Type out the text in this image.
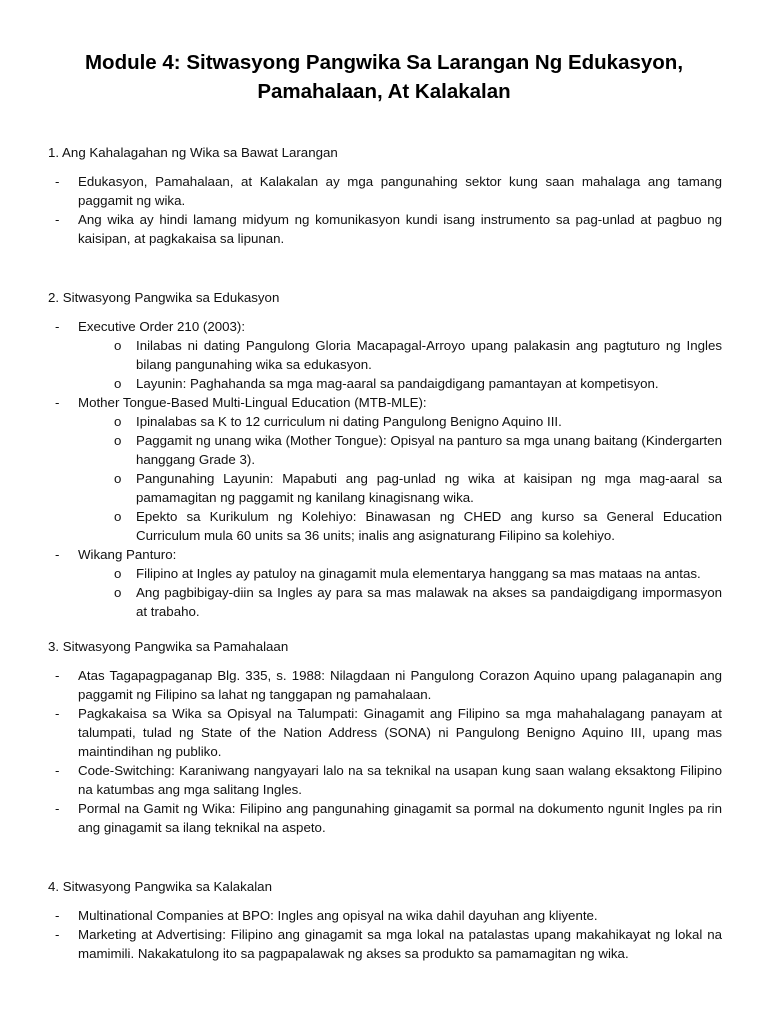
Module 4: Sitwasyong Pangwika Sa Larangan Ng Edukasyon,
Pamahalaan, At Kalakalan

1. Ang Kahalagahan ng Wika sa Bawat Larangan

- Edukasyon, Pamahalaan, at Kalakalan ay mga pangunahing sektor kung saan mahalaga ang tamang paggamit ng wika.
- Ang wika ay hindi lamang midyum ng komunikasyon kundi isang instrumento sa pag-unlad at pagbuo ng kaisipan, at pagkakaisa sa lipunan.

2. Sitwasyong Pangwika sa Edukasyon

- Executive Order 210 (2003):
o Inilabas ni dating Pangulong Gloria Macapagal-Arroyo upang palakasin ang pagtuturo ng Ingles bilang pangunahing wika sa edukasyon.
o Layunin: Paghahanda sa mga mag-aaral sa pandaigdigang pamantayan at kompetisyon.
- Mother Tongue-Based Multi-Lingual Education (MTB-MLE):
o Ipinalabas sa K to 12 curriculum ni dating Pangulong Benigno Aquino III.
o Paggamit ng unang wika (Mother Tongue): Opisyal na panturo sa mga unang baitang (Kindergarten hanggang Grade 3).
o Pangunahing Layunin: Mapabuti ang pag-unlad ng wika at kaisipan ng mga mag-aaral sa pamamagitan ng paggamit ng kanilang kinagisnang wika.
o Epekto sa Kurikulum ng Kolehiyo: Binawasan ng CHED ang kurso sa General Education Curriculum mula 60 units sa 36 units; inalis ang asignaturang Filipino sa kolehiyo.
- Wikang Panturo:
o Filipino at Ingles ay patuloy na ginagamit mula elementarya hanggang sa mas mataas na antas.
o Ang pagbibigay-diin sa Ingles ay para sa mas malawak na akses sa pandaigdigang impormasyon at trabaho.

3. Sitwasyong Pangwika sa Pamahalaan

- Atas Tagapagpaganap Blg. 335, s. 1988: Nilagdaan ni Pangulong Corazon Aquino upang palaganapin ang paggamit ng Filipino sa lahat ng tanggapan ng pamahalaan.
- Pagkakaisa sa Wika sa Opisyal na Talumpati: Ginagamit ang Filipino sa mga mahahalagang panayam at talumpati, tulad ng State of the Nation Address (SONA) ni Pangulong Benigno Aquino III, upang mas maintindihan ng publiko.
- Code-Switching: Karaniwang nangyayari lalo na sa teknikal na usapan kung saan walang eksaktong Filipino na katumbas ang mga salitang Ingles.
- Pormal na Gamit ng Wika: Filipino ang pangunahing ginagamit sa pormal na dokumento ngunit Ingles pa rin ang ginagamit sa ilang teknikal na aspeto.

4. Sitwasyong Pangwika sa Kalakalan

- Multinational Companies at BPO: Ingles ang opisyal na wika dahil dayuhan ang kliyente.
- Marketing at Advertising: Filipino ang ginagamit sa mga lokal na patalastas upang makahikayat ng lokal na mamimili. Nakakatulong ito sa pagpapalawak ng akses sa produkto sa pamamagitan ng wika.
